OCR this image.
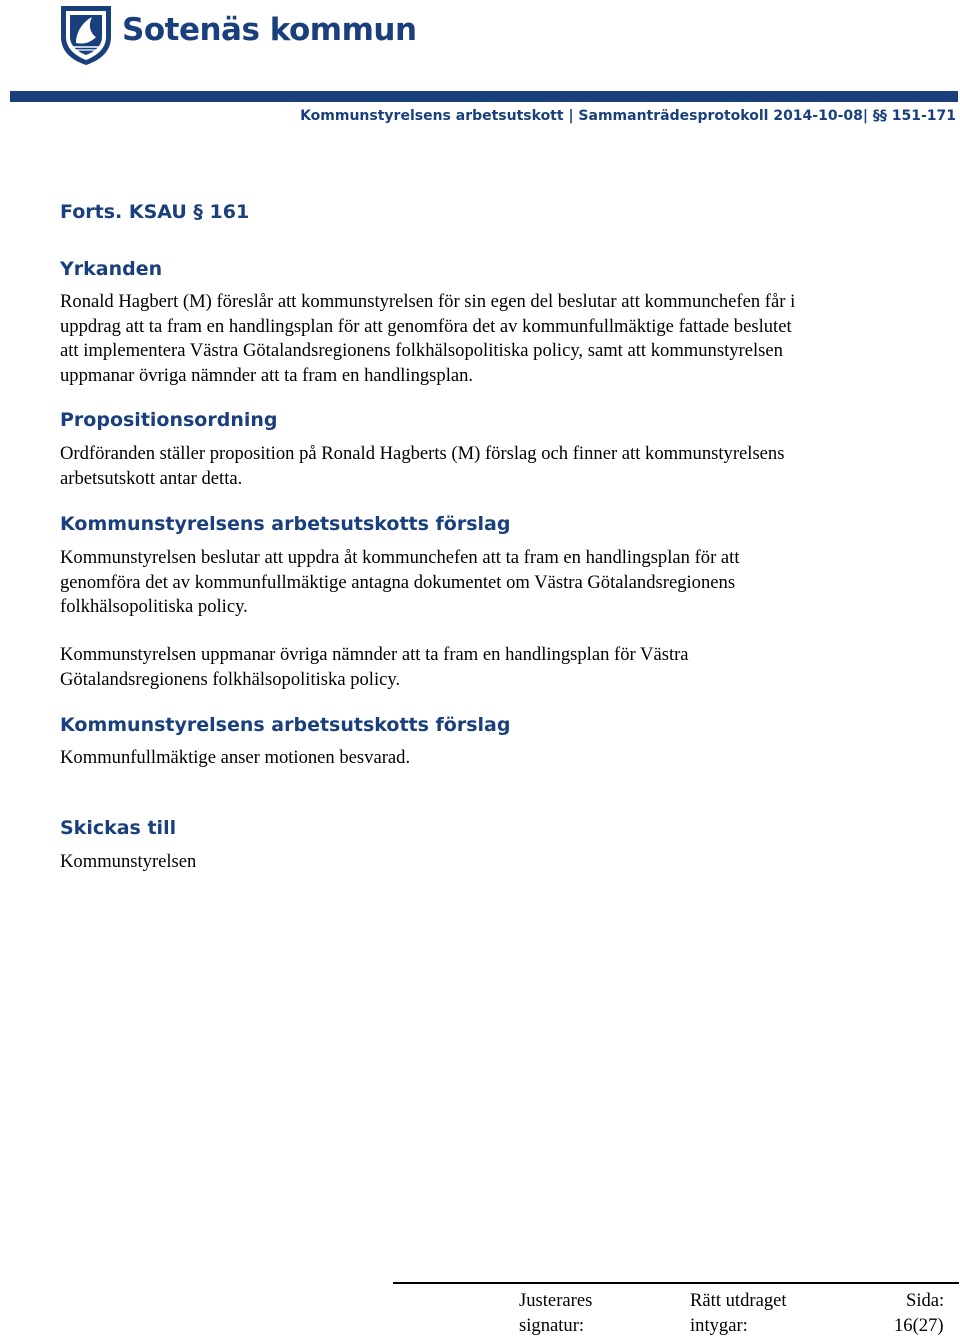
Sotenäs kommun
Kommunstyrelsens arbetsutskott | Sammanträdesprotokoll 2014-10-08| §§ 151-171
Forts. KSAU § 161
Yrkanden
Ronald Hagbert (M) föreslår att kommunstyrelsen för sin egen del beslutar att kommunchefen får i
uppdrag att ta fram en handlingsplan för att genomföra det av kommunfullmäktige fattade beslutet
att implementera Västra Götalandsregionens folkhälsopolitiska policy, samt att kommunstyrelsen
uppmanar övriga nämnder att ta fram en handlingsplan.
Propositionsordning
Ordföranden ställer proposition på Ronald Hagberts (M) förslag och finner att kommunstyrelsens
arbetsutskott antar detta.
Kommunstyrelsens arbetsutskotts förslag
Kommunstyrelsen beslutar att uppdra åt kommunchefen att ta fram en handlingsplan för att
genomföra det av kommunfullmäktige antagna dokumentet om Västra Götalandsregionens
folkhälsopolitiska policy.
Kommunstyrelsen uppmanar övriga nämnder att ta fram en handlingsplan för Västra
Götalandsregionens folkhälsopolitiska policy.
Kommunstyrelsens arbetsutskotts förslag
Kommunfullmäktige anser motionen besvarad.
Skickas till
Kommunstyrelsen
Justerares
signatur:
Rätt utdraget
intygar:
Sida:
16(27)
